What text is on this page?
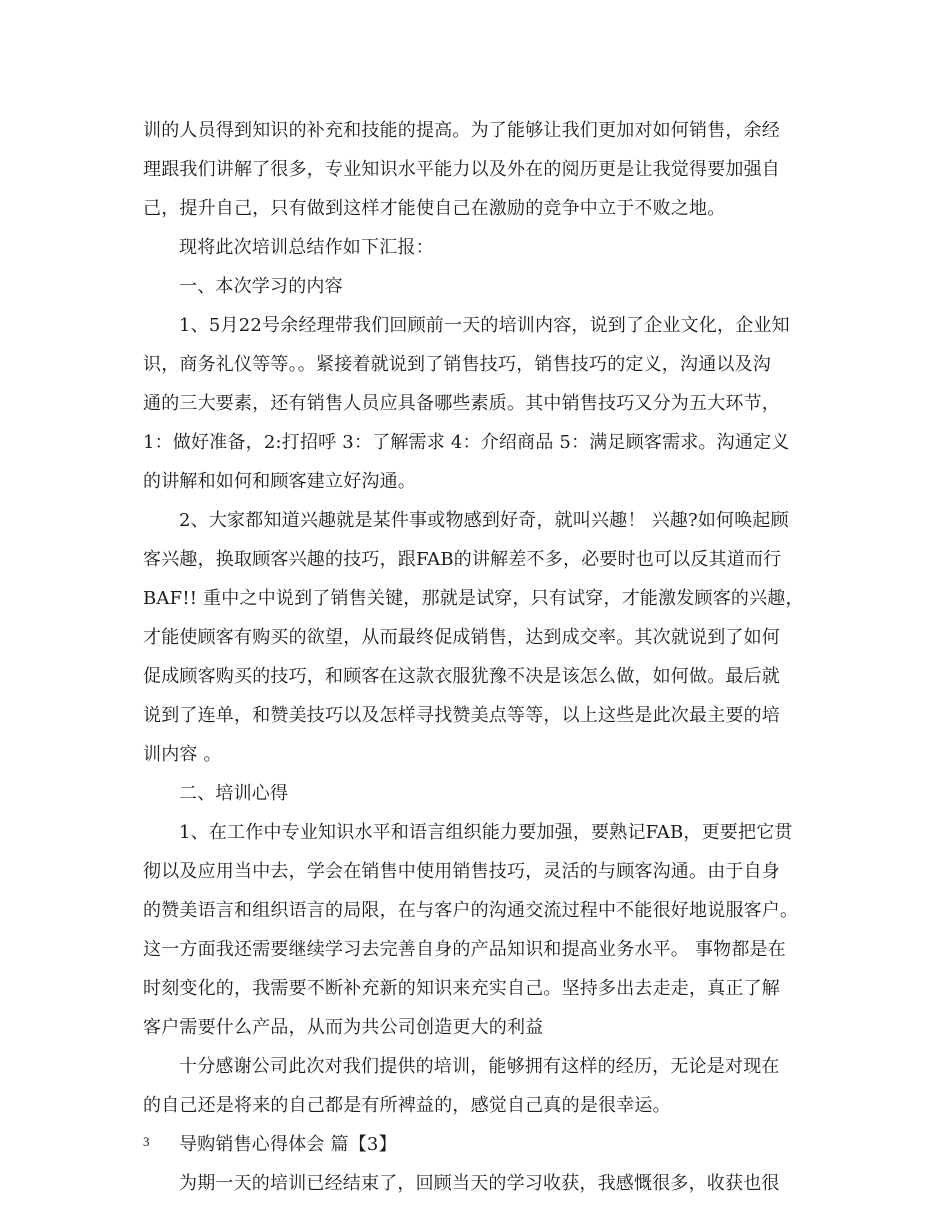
训的人员得到知识的补充和技能的提高。为了能够让我们更加对如何销售，余经
理跟我们讲解了很多，专业知识水平能力以及外在的阅历更是让我觉得要加强自
己，提升自己，只有做到这样才能使自己在激励的竞争中立于不败之地。
现将此次培训总结作如下汇报：
一、本次学习的内容
1、5月22号余经理带我们回顾前一天的培训内容，说到了企业文化，企业知
识，商务礼仪等等。。紧接着就说到了销售技巧，销售技巧的定义，沟通以及沟
通的三大要素，还有销售人员应具备哪些素质。其中销售技巧又分为五大环节，
1：做好准备，2:打招呼 3：了解需求 4：介绍商品 5：满足顾客需求。沟通定义
的讲解和如何和顾客建立好沟通。
2、大家都知道兴趣就是某件事或物感到好奇，就叫兴趣！ 兴趣?如何唤起顾
客兴趣，换取顾客兴趣的技巧，跟FAB的讲解差不多，必要时也可以反其道而行
BAF!! 重中之中说到了销售关键，那就是试穿，只有试穿，才能激发顾客的兴趣，
才能使顾客有购买的欲望，从而最终促成销售，达到成交率。其次就说到了如何
促成顾客购买的技巧，和顾客在这款衣服犹豫不决是该怎么做，如何做。最后就
说到了连单，和赞美技巧以及怎样寻找赞美点等等，以上这些是此次最主要的培
训内容 。
二、培训心得
1、在工作中专业知识水平和语言组织能力要加强，要熟记FAB，更要把它贯
彻以及应用当中去，学会在销售中使用销售技巧，灵活的与顾客沟通。由于自身
的赞美语言和组织语言的局限，在与客户的沟通交流过程中不能很好地说服客户。
这一方面我还需要继续学习去完善自身的产品知识和提高业务水平。 事物都是在
时刻变化的，我需要不断补充新的知识来充实自己。坚持多出去走走，真正了解
客户需要什么产品，从而为共公司创造更大的利益
十分感谢公司此次对我们提供的培训，能够拥有这样的经历，无论是对现在
的自己还是将来的自己都是有所裨益的，感觉自己真的是很幸运。
导购销售心得体会 篇【3】
为期一天的培训已经结束了，回顾当天的学习收获，我感慨很多，收获也很
3
